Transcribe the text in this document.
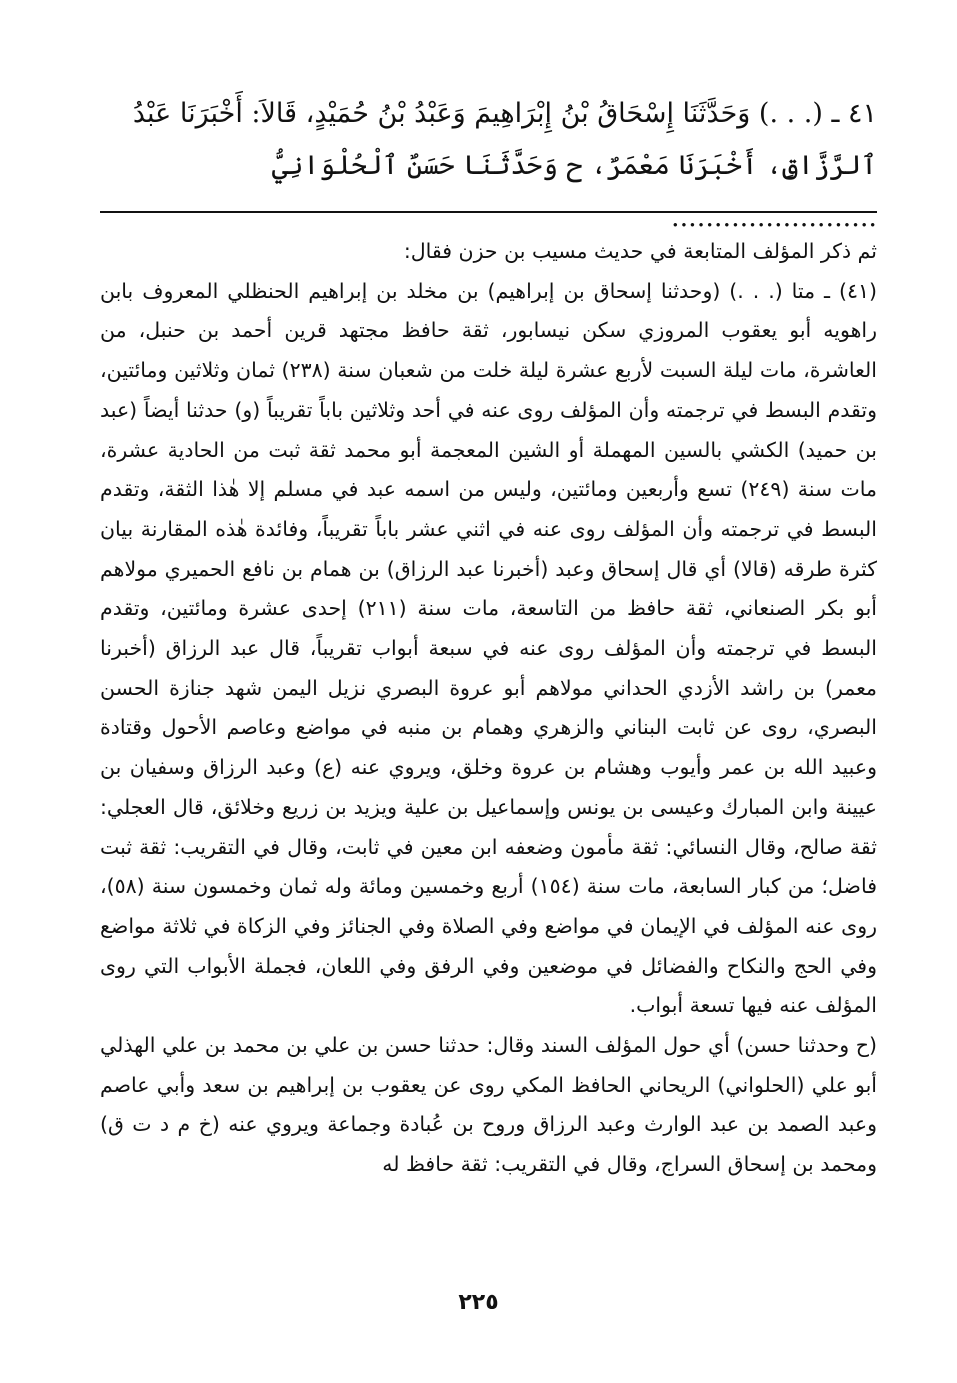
٤١ ـ (. . .) وَحَدَّثَنَا إِسْحَاقُ بْنُ إِبْرَاهِيمَ وَعَبْدُ بْنُ حُمَيْدٍ، قَالاَ: أَخْبَرَنَا عَبْدُ

ٱلرَّزَّاقِ، أَخْبَرَنَا مَعْمَرٌ، ح وَحَدَّثَنَا حَسَنٌ ٱلْحُلْوَانِيُّ ........................

ثم ذكر المؤلف المتابعة في حديث مسيب بن حزن فقال:

(٤١) ـ متا (. . .) (وحدثنا إسحاق بن إبراهيم) بن مخلد بن إبراهيم الحنظلي المعروف بابن راهويه أبو يعقوب المروزي سكن نيسابور، ثقة حافظ مجتهد قرين أحمد بن حنبل، من العاشرة، مات ليلة السبت لأربع عشرة ليلة خلت من شعبان سنة (٢٣٨) ثمان وثلاثين ومائتين، وتقدم البسط في ترجمته وأن المؤلف روى عنه في أحد وثلاثين باباً تقريباً (و) حدثنا أيضاً (عبد بن حميد) الكشي بالسين المهملة أو الشين المعجمة أبو محمد ثقة ثبت من الحادية عشرة، مات سنة (٢٤٩) تسع وأربعين ومائتين، وليس من اسمه عبد في مسلم إلا هٰذا الثقة، وتقدم البسط في ترجمته وأن المؤلف روى عنه في اثني عشر باباً تقريباً، وفائدة هٰذه المقارنة بيان كثرة طرقه (قالا) أي قال إسحاق وعبد (أخبرنا عبد الرزاق) بن همام بن نافع الحميري مولاهم أبو بكر الصنعاني، ثقة حافظ من التاسعة، مات سنة (٢١١) إحدى عشرة ومائتين، وتقدم البسط في ترجمته وأن المؤلف روى عنه في سبعة أبواب تقريباً، قال عبد الرزاق (أخبرنا معمر) بن راشد الأزدي الحداني مولاهم أبو عروة البصري نزيل اليمن شهد جنازة الحسن البصري، روى عن ثابت البناني والزهري وهمام بن منبه في مواضع وعاصم الأحول وقتادة وعبيد الله بن عمر وأيوب وهشام بن عروة وخلق، ويروي عنه (ع) وعبد الرزاق وسفيان بن عيينة وابن المبارك وعيسى بن يونس وإسماعيل بن علية ويزيد بن زريع وخلائق، قال العجلي: ثقة صالح، وقال النسائي: ثقة مأمون وضعفه ابن معين في ثابت، وقال في التقريب: ثقة ثبت فاضل؛ من كبار السابعة، مات سنة (١٥٤) أربع وخمسين ومائة وله ثمان وخمسون سنة (٥٨)، روى عنه المؤلف في الإيمان في مواضع وفي الصلاة وفي الجنائز وفي الزكاة في ثلاثة مواضع وفي الحج والنكاح والفضائل في موضعين وفي الرفق وفي اللعان، فجملة الأبواب التي روى المؤلف عنه فيها تسعة أبواب.

(ح وحدثنا حسن) أي حول المؤلف السند وقال: حدثنا حسن بن علي بن محمد بن علي الهذلي أبو علي (الحلواني) الريحاني الحافظ المكي روى عن يعقوب بن إبراهيم بن سعد وأبي عاصم وعبد الصمد بن عبد الوارث وعبد الرزاق وروح بن عُبادة وجماعة ويروي عنه (خ م د ت ق) ومحمد بن إسحاق السراج، وقال في التقريب: ثقة حافظ له

٢٢٥
